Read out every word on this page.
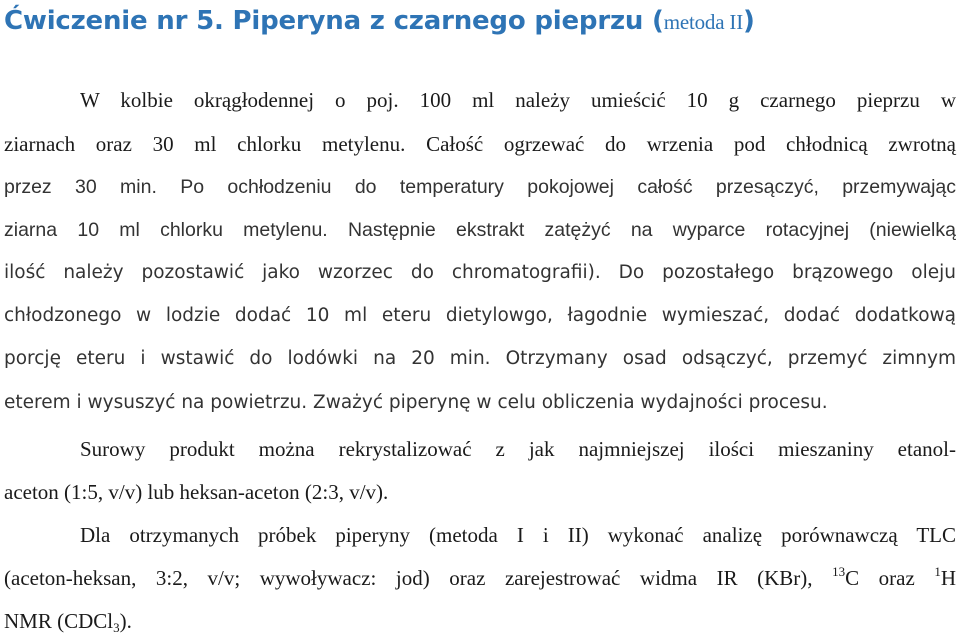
Ćwiczenie nr 5. Piperyna z czarnego pieprzu (metoda II)
W kolbie okrągłodennej o poj. 100 ml należy umieścić 10 g czarnego pieprzu w
ziarnach oraz 30 ml chlorku metylenu. Całość ogrzewać do wrzenia pod chłodnicą zwrotną
przez 30 min. Po ochłodzeniu do temperatury pokojowej całość przesączyć, przemywając
ziarna 10 ml chlorku metylenu. Następnie ekstrakt zatężyć na wyparce rotacyjnej (niewielką
ilość należy pozostawić jako wzorzec do chromatografii). Do pozostałego brązowego oleju
chłodzonego w lodzie dodać 10 ml eteru dietylowgo, łagodnie wymieszać, dodać dodatkową
porcję eteru i wstawić do lodówki na 20 min. Otrzymany osad odsączyć, przemyć zimnym
eterem i wysuszyć na powietrzu. Zważyć piperynę w celu obliczenia wydajności procesu.
Surowy produkt można rekrystalizować z jak najmniejszej ilości mieszaniny etanol-
aceton (1:5, v/v) lub heksan-aceton (2:3, v/v).
Dla otrzymanych próbek piperyny (metoda I i II) wykonać analizę porównawczą TLC
(aceton-heksan, 3:2, v/v; wywoływacz: jod) oraz zarejestrować widma IR (KBr), $^{13}$C oraz $^1$H
NMR (CDCl$_3$).
